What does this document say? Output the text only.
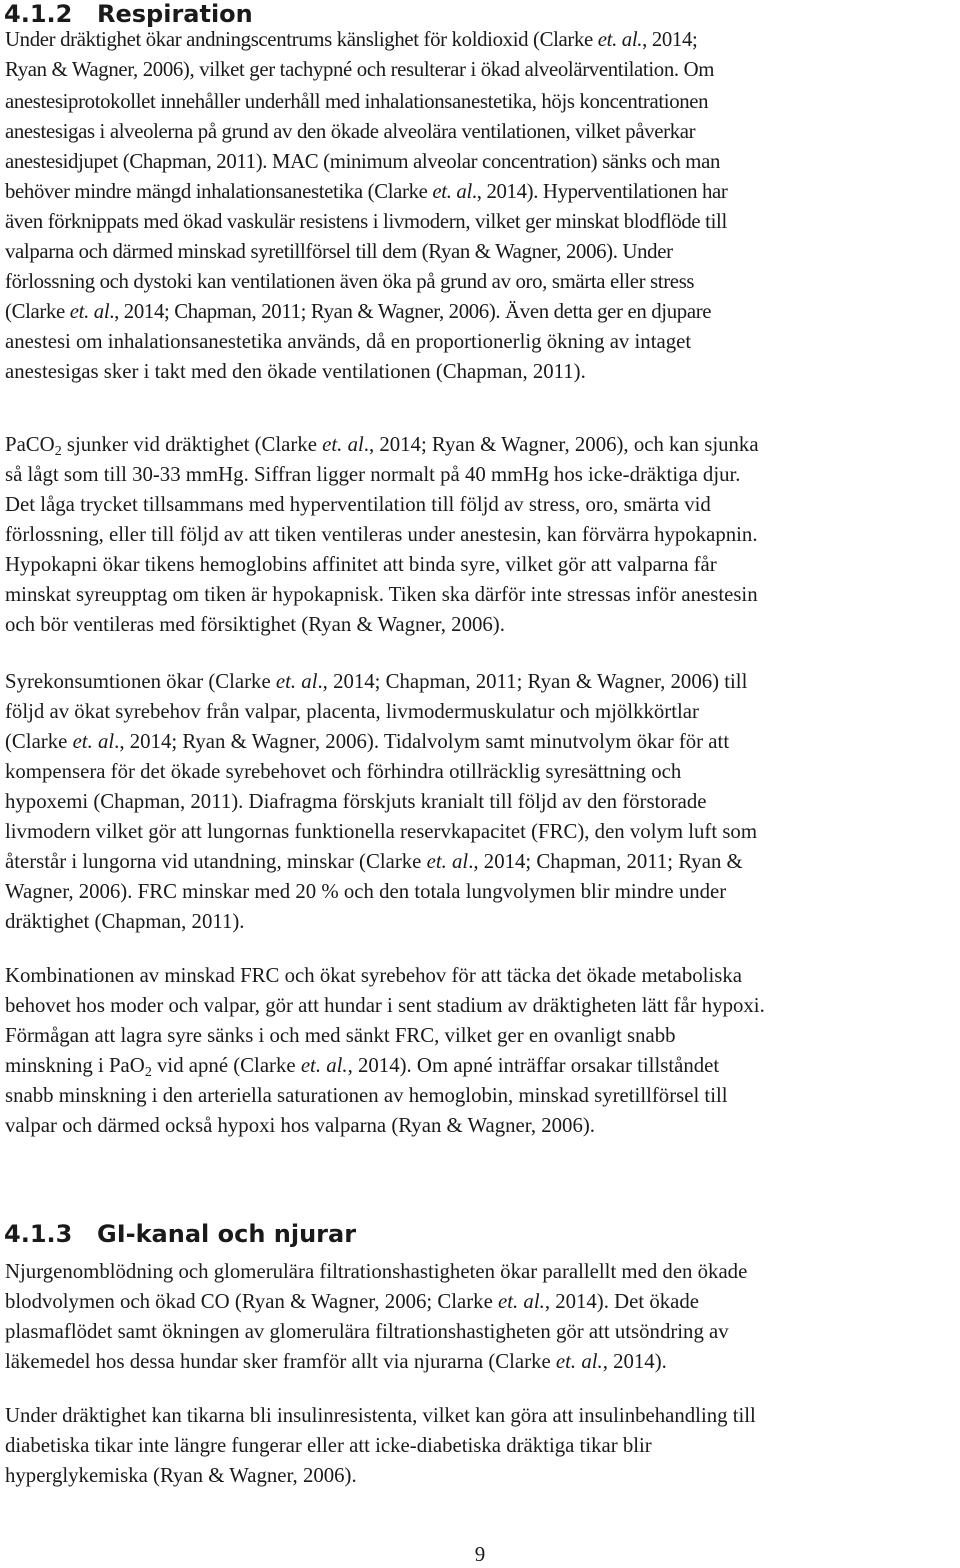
4.1.2 Respiration

Under dräktighet ökar andningscentrums känslighet för koldioxid (Clarke et. al., 2014;

Ryan & Wagner, 2006), vilket ger tachypné och resulterar i ökad alveolärventilation. Om

anestesiprotokollet innehåller underhåll med inhalationsanestetika, höjs koncentrationen

anestesigas i alveolerna på grund av den ökade alveolära ventilationen, vilket påverkar

anestesidjupet (Chapman, 2011). MAC (minimum alveolar concentration) sänks och man

behöver mindre mängd inhalationsanestetika (Clarke et. al., 2014). Hyperventilationen har

även förknippats med ökad vaskulär resistens i livmodern, vilket ger minskat blodflöde till

valparna och därmed minskad syretillförsel till dem (Ryan & Wagner, 2006). Under

förlossning och dystoki kan ventilationen även öka på grund av oro, smärta eller stress

(Clarke et. al., 2014; Chapman, 2011; Ryan & Wagner, 2006). Även detta ger en djupare

anestesi om inhalationsanestetika används, då en proportionerlig ökning av intaget

anestesigas sker i takt med den ökade ventilationen (Chapman, 2011).

PaCO$_2$ sjunker vid dräktighet (Clarke et. al., 2014; Ryan & Wagner, 2006), och kan sjunka

så lågt som till 30-33 mmHg. Siffran ligger normalt på 40 mmHg hos icke-dräktiga djur.

Det låga trycket tillsammans med hyperventilation till följd av stress, oro, smärta vid

förlossning, eller till följd av att tiken ventileras under anestesin, kan förvärra hypokapnin.

Hypokapni ökar tikens hemoglobins affinitet att binda syre, vilket gör att valparna får

minskat syreupptag om tiken är hypokapnisk. Tiken ska därför inte stressas inför anestesin

och bör ventileras med försiktighet (Ryan & Wagner, 2006).

Syrekonsumtionen ökar (Clarke et. al., 2014; Chapman, 2011; Ryan & Wagner, 2006) till

följd av ökat syrebehov från valpar, placenta, livmodermuskulatur och mjölkkörtlar

(Clarke et. al., 2014; Ryan & Wagner, 2006). Tidalvolym samt minutvolym ökar för att

kompensera för det ökade syrebehovet och förhindra otillräcklig syresättning och

hypoxemi (Chapman, 2011). Diafragma förskjuts kranialt till följd av den förstorade

livmodern vilket gör att lungornas funktionella reservkapacitet (FRC), den volym luft som

återstår i lungorna vid utandning, minskar (Clarke et. al., 2014; Chapman, 2011; Ryan &

Wagner, 2006). FRC minskar med 20 % och den totala lungvolymen blir mindre under

dräktighet (Chapman, 2011).

Kombinationen av minskad FRC och ökat syrebehov för att täcka det ökade metaboliska

behovet hos moder och valpar, gör att hundar i sent stadium av dräktigheten lätt får hypoxi.

Förmågan att lagra syre sänks i och med sänkt FRC, vilket ger en ovanligt snabb

minskning i PaO$_2$ vid apné (Clarke et. al., 2014). Om apné inträffar orsakar tillståndet

snabb minskning i den arteriella saturationen av hemoglobin, minskad syretillförsel till

valpar och därmed också hypoxi hos valparna (Ryan & Wagner, 2006).

Njurgenomblödning och glomerulära filtrationshastigheten ökar parallellt med den ökade

blodvolymen och ökad CO (Ryan & Wagner, 2006; Clarke et. al., 2014). Det ökade

plasmaflödet samt ökningen av glomerulära filtrationshastigheten gör att utsöndring av

läkemedel hos dessa hundar sker framför allt via njurarna (Clarke et. al., 2014).

Under dräktighet kan tikarna bli insulinresistenta, vilket kan göra att insulinbehandling till

diabetiska tikar inte längre fungerar eller att icke-diabetiska dräktiga tikar blir

hyperglykemiska (Ryan & Wagner, 2006).

4.1.3 GI-kanal och njurar
9
